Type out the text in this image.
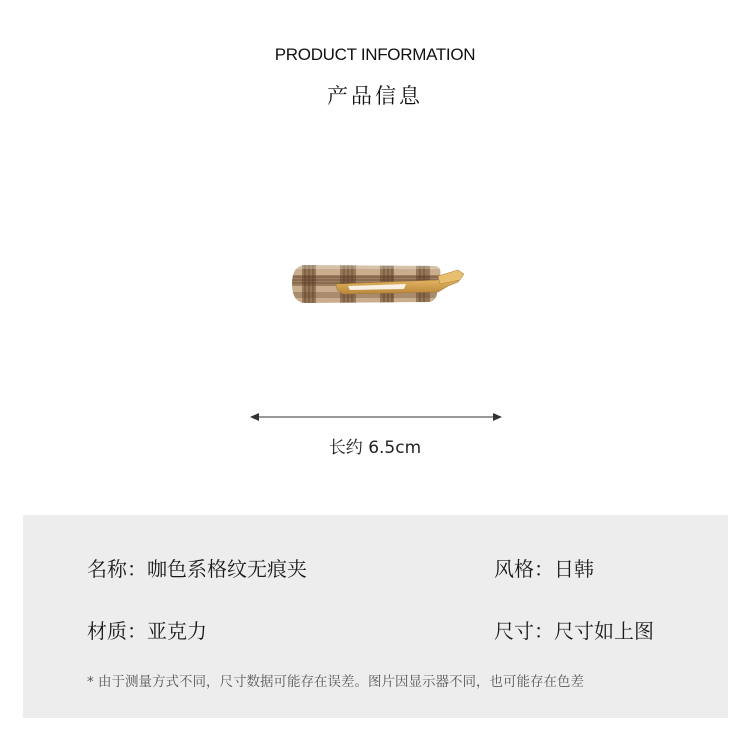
PRODUCT INFORMATION
产品信息
长约 6.5cm
名称：咖色系格纹无痕夹	风格：日韩
材质：亚克力	尺寸：尺寸如上图
* 由于测量方式不同，尺寸数据可能存在误差。图片因显示器不同，也可能存在色差
